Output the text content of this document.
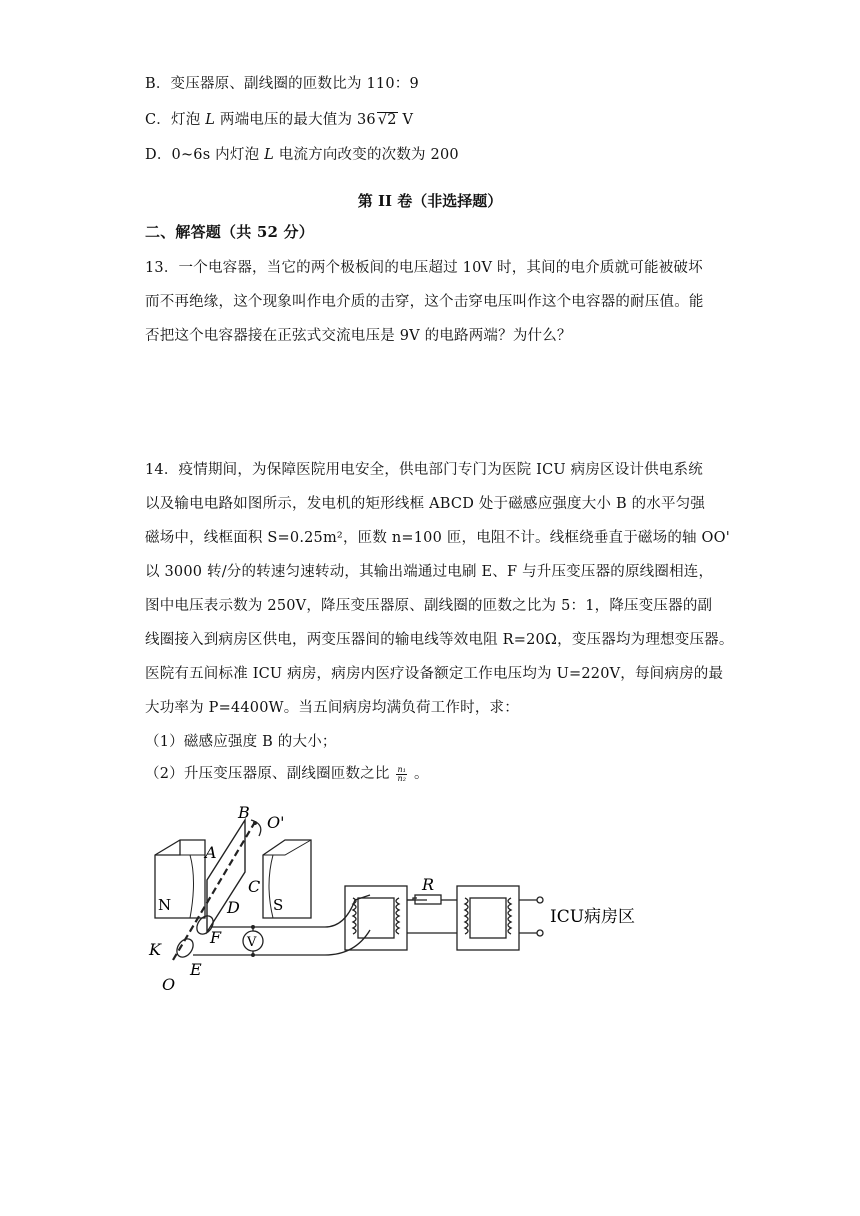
B．变压器原、副线圈的匝数比为 110：9
C．灯泡 L 两端电压的最大值为 36 √2 V
D．0~6s 内灯泡 L 电流方向改变的次数为 200
第 II 卷（非选择题）
二、解答题（共 52 分）
13．一个电容器，当它的两个极板间的电压超过 10V 时，其间的电介质就可能被破坏
而不再绝缘，这个现象叫作电介质的击穿，这个击穿电压叫作这个电容器的耐压值。能
否把这个电容器接在正弦式交流电压是 9V 的电路两端？为什么？
14．疫情期间，为保障医院用电安全，供电部门专门为医院 ICU 病房区设计供电系统
以及输电电路如图所示，发电机的矩形线框 ABCD 处于磁感应强度大小 B 的水平匀强
磁场中，线框面积 S=0.25m²，匝数 n=100 匝，电阻不计。线框绕垂直于磁场的轴 OO'
以 3000 转/分的转速匀速转动，其输出端通过电刷 E、F 与升压变压器的原线圈相连，
图中电压表示数为 250V，降压变压器原、副线圈的匝数之比为 5：1，降压变压器的副
线圈接入到病房区供电，两变压器间的输电线等效电阻 R=20Ω，变压器均为理想变压器。
医院有五间标准 ICU 病房，病房内医疗设备额定工作电压均为 U=220V，每间病房的最
大功率为 P=4400W。当五间病房均满负荷工作时，求：
（1）磁感应强度 B 的大小；
（2）升压变压器原、副线圈匝数之比 $\frac{\text{n₁}}{\text{n₂}}$ 。
B
O'
A
C
N	S
D
F
K
E
O
V
R
ICU病房区
